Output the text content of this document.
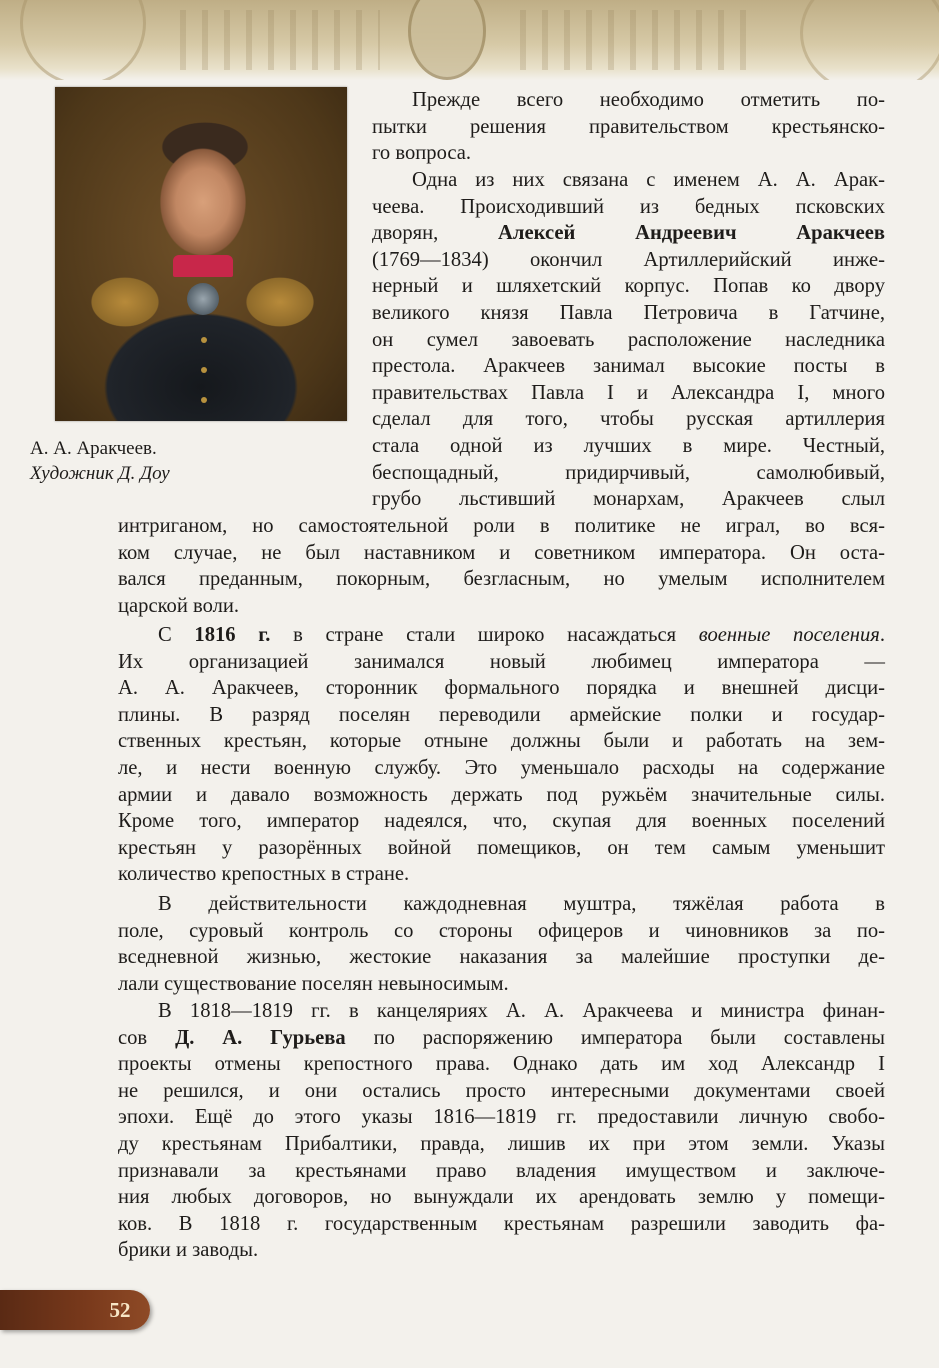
А. А. Аракчеев.
Художник Д. Доу
Прежде всего необходимо отметить по-
пытки решения правительством крестьянско-
го вопроса.
Одна из них связана с именем А. А. Арак-
чеева. Происходивший из бедных псковских
дворян,	Алексей Андреевич Аракчеев
(1769—1834) окончил Артиллерийский инже-
нерный и шляхетский корпус. Попав ко двору
великого князя Павла Петровича в Гатчине,
он сумел завоевать расположение наследника
престола. Аракчеев занимал высокие посты в
правительствах Павла I и Александра I, много
сделал для того, чтобы русская артиллерия
стала одной из лучших в мире. Честный,
беспощадный, придирчивый, самолюбивый,
грубо льстивший монархам, Аракчеев слыл
интриганом, но самостоятельной роли в политике не играл, во вся-
ком случае, не был наставником и советником императора. Он оста-
вался преданным, покорным, безгласным, но умелым исполнителем
царской воли.
С 1816 г. в стране стали широко насаждаться военные поселения.
Их организацией занимался новый любимец императора —
А. А. Аракчеев, сторонник формального порядка и внешней дисци-
плины. В разряд поселян переводили армейские полки и государ-
ственных крестьян, которые отныне должны были и работать на зем-
ле, и нести военную службу. Это уменьшало расходы на содержание
армии и давало возможность держать под ружьём значительные силы.
Кроме того, император надеялся, что, скупая для военных поселений
крестьян у разорённых войной помещиков, он тем самым уменьшит
количество крепостных в стране.
В действительности каждодневная муштра, тяжёлая работа в
поле, суровый контроль со стороны офицеров и чиновников за по-
вседневной жизнью, жестокие наказания за малейшие проступки де-
лали существование поселян невыносимым.
В 1818—1819 гг. в канцеляриях А. А. Аракчеева и министра финан-
сов Д. А. Гурьева по распоряжению императора были составлены
проекты отмены крепостного права. Однако дать им ход Александр I
не решился, и они остались просто интересными документами своей
эпохи. Ещё до этого указы 1816—1819 гг. предоставили личную свобо-
ду крестьянам Прибалтики, правда, лишив их при этом земли. Указы
признавали за крестьянами право владения имуществом и заключе-
ния любых договоров, но вынуждали их арендовать землю у помещи-
ков. В 1818 г. государственным крестьянам разрешили заводить фа-
брики и заводы.
52
